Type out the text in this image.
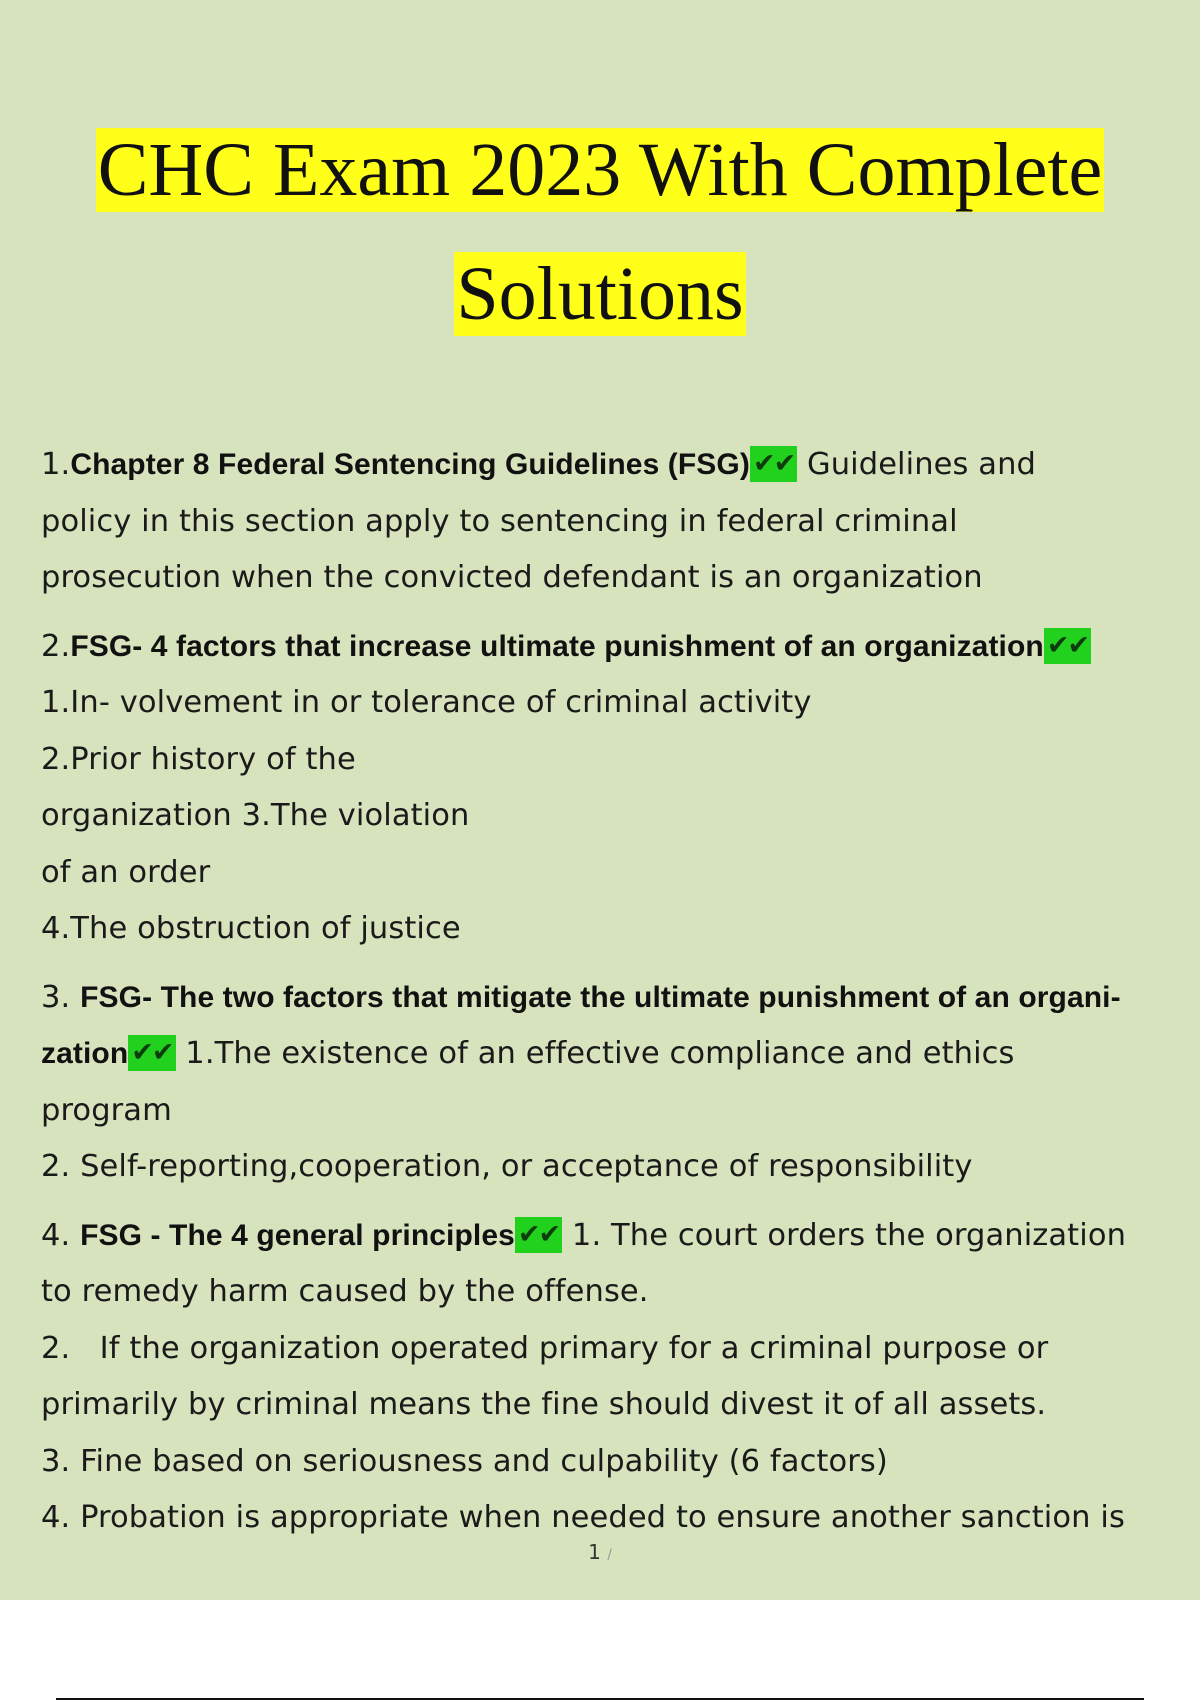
CHC Exam 2023 With Complete
Solutions
1.Chapter 8 Federal Sentencing Guidelines (FSG) ✔✔ Guidelines and
policy in this section apply to sentencing in federal criminal
prosecution when the convicted defendant is an organization
2.FSG- 4 factors that increase ultimate punishment of an organization ✔✔
1.In- volvement in or tolerance of criminal activity
2.Prior history of the
organization 3.The violation
of an order
4.The obstruction of justice
3. FSG- The two factors that mitigate the ultimate punishment of an organi-
zation ✔✔ 1.The existence of an effective compliance and ethics
program
2. Self-reporting,cooperation, or acceptance of responsibility
4. FSG - The 4 general principles ✔✔ 1. The court orders the organization
to remedy harm caused by the offense.
2.   If the organization operated primary for a criminal purpose or
primarily by criminal means the fine should divest it of all assets.
3. Fine based on seriousness and culpability (6 factors)
4. Probation is appropriate when needed to ensure another sanction is
1 /
